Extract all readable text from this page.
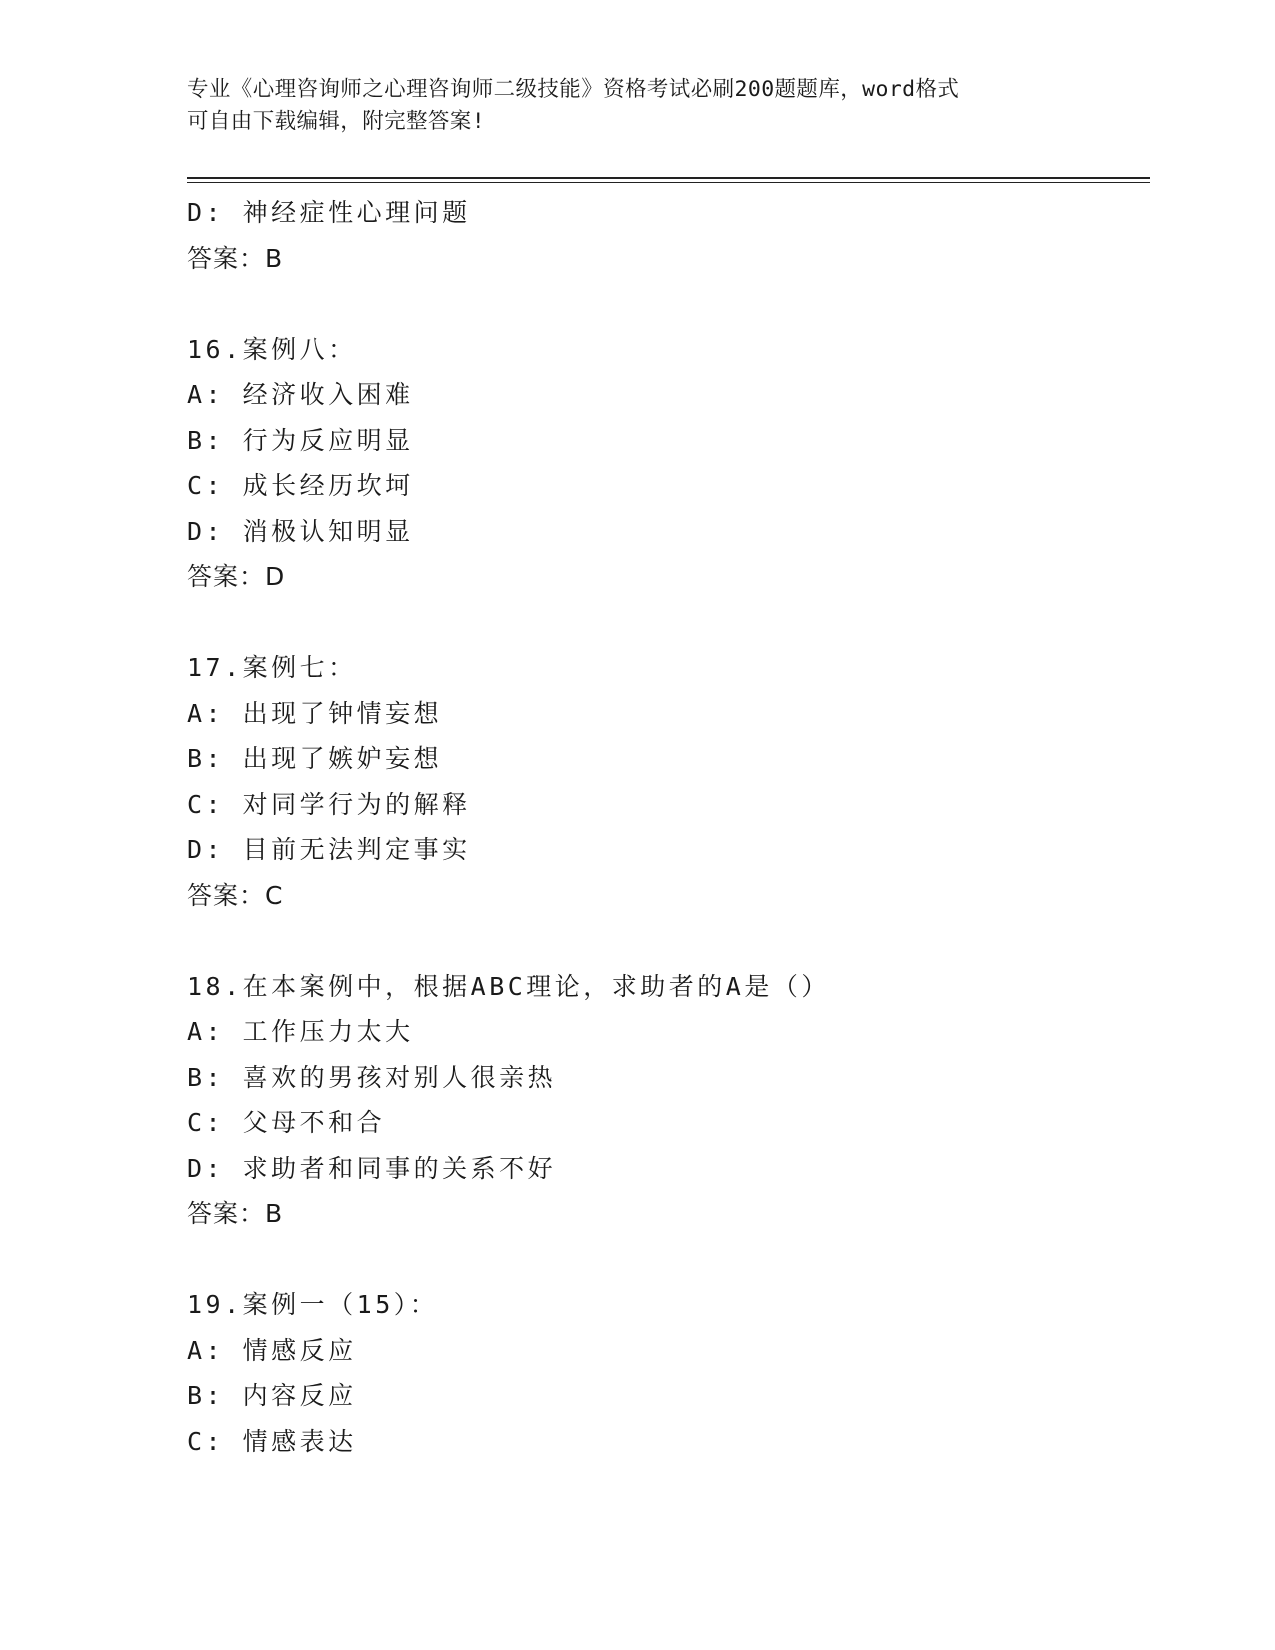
专业《心理咨询师之心理咨询师二级技能》资格考试必刷200题题库，word格式
可自由下载编辑，附完整答案!
D: 神经症性心理问题
答案：B
16.案例八：
A: 经济收入困难
B: 行为反应明显
C: 成长经历坎坷
D: 消极认知明显
答案：D
17.案例七：
A: 出现了钟情妄想
B: 出现了嫉妒妄想
C: 对同学行为的解释
D: 目前无法判定事实
答案：C
18.在本案例中，根据ABC理论，求助者的A是（）
A: 工作压力太大
B: 喜欢的男孩对别人很亲热
C: 父母不和合
D: 求助者和同事的关系不好
答案：B
19.案例一（15）：
A: 情感反应
B: 内容反应
C: 情感表达
